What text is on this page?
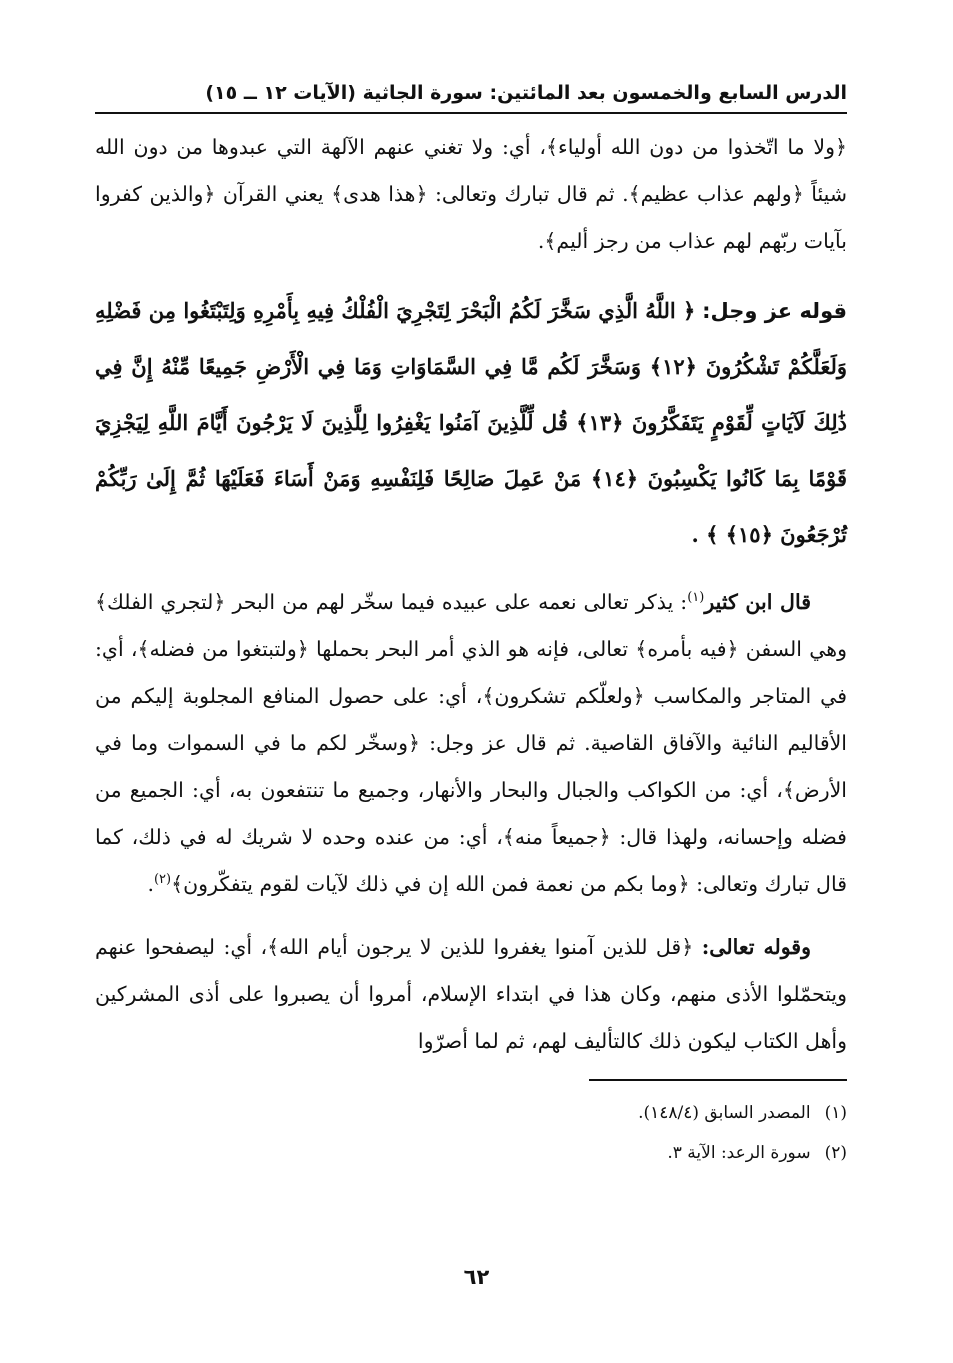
الدرس السابع والخمسون بعد المائتين: سورة الجاثية (الآيات ١٢ ــ ١٥)

﴿ولا ما اتّخذوا من دون الله أولياء﴾، أي: ولا تغني عنهم الآلهة التي عبدوها من دون الله شيئاً ﴿ولهم عذاب عظيم﴾. ثم قال تبارك وتعالى: ﴿هذا هدى﴾ يعني القرآن ﴿والذين كفروا بآيات ربّهم لهم عذاب من رجز أليم﴾.

قوله عز وجل: ﴿ اللَّهُ الَّذِي سَخَّرَ لَكُمُ الْبَحْرَ لِتَجْرِيَ الْفُلْكُ فِيهِ بِأَمْرِهِ وَلِتَبْتَغُوا مِن فَضْلِهِ وَلَعَلَّكُمْ تَشْكُرُونَ ﴿١٢﴾ وَسَخَّرَ لَكُم مَّا فِي السَّمَاوَاتِ وَمَا فِي الْأَرْضِ جَمِيعًا مِّنْهُ إِنَّ فِي ذَٰلِكَ لَآيَاتٍ لِّقَوْمٍ يَتَفَكَّرُونَ ﴿١٣﴾ قُل لِّلَّذِينَ آمَنُوا يَغْفِرُوا لِلَّذِينَ لَا يَرْجُونَ أَيَّامَ اللَّهِ لِيَجْزِيَ قَوْمًا بِمَا كَانُوا يَكْسِبُونَ ﴿١٤﴾ مَنْ عَمِلَ صَالِحًا فَلِنَفْسِهِ وَمَنْ أَسَاءَ فَعَلَيْهَا ثُمَّ إِلَىٰ رَبِّكُمْ تُرْجَعُونَ ﴿١٥﴾ ﴾ .

قال ابن كثير$^{(١)}$: يذكر تعالى نعمه على عبيده فيما سخّر لهم من البحر ﴿لتجري الفلك﴾ وهي السفن ﴿فيه بأمره﴾ تعالى، فإنه هو الذي أمر البحر بحملها ﴿ولتبتغوا من فضله﴾، أي: في المتاجر والمكاسب ﴿ولعلّكم تشكرون﴾، أي: على حصول المنافع المجلوبة إليكم من الأقاليم النائية والآفاق القاصية. ثم قال عز وجل: ﴿وسخّر لكم ما في السموات وما في الأرض﴾، أي: من الكواكب والجبال والبحار والأنهار، وجميع ما تنتفعون به، أي: الجميع من فضله وإحسانه، ولهذا قال: ﴿جميعاً منه﴾، أي: من عنده وحده لا شريك له في ذلك، كما قال تبارك وتعالى: ﴿وما بكم من نعمة فمن الله إن في ذلك لآيات لقوم يتفكّرون﴾$^{(٢)}$.

وقوله تعالى: ﴿قل للذين آمنوا يغفروا للذين لا يرجون أيام الله﴾، أي: ليصفحوا عنهم ويتحمّلوا الأذى منهم، وكان هذا في ابتداء الإسلام، أمروا أن يصبروا على أذى المشركين وأهل الكتاب ليكون ذلك كالتأليف لهم، ثم لما أصرّوا

(١)المصدر السابق (١٤٨/٤).
(٢)سورة الرعد: الآية ٣.
٦٢
